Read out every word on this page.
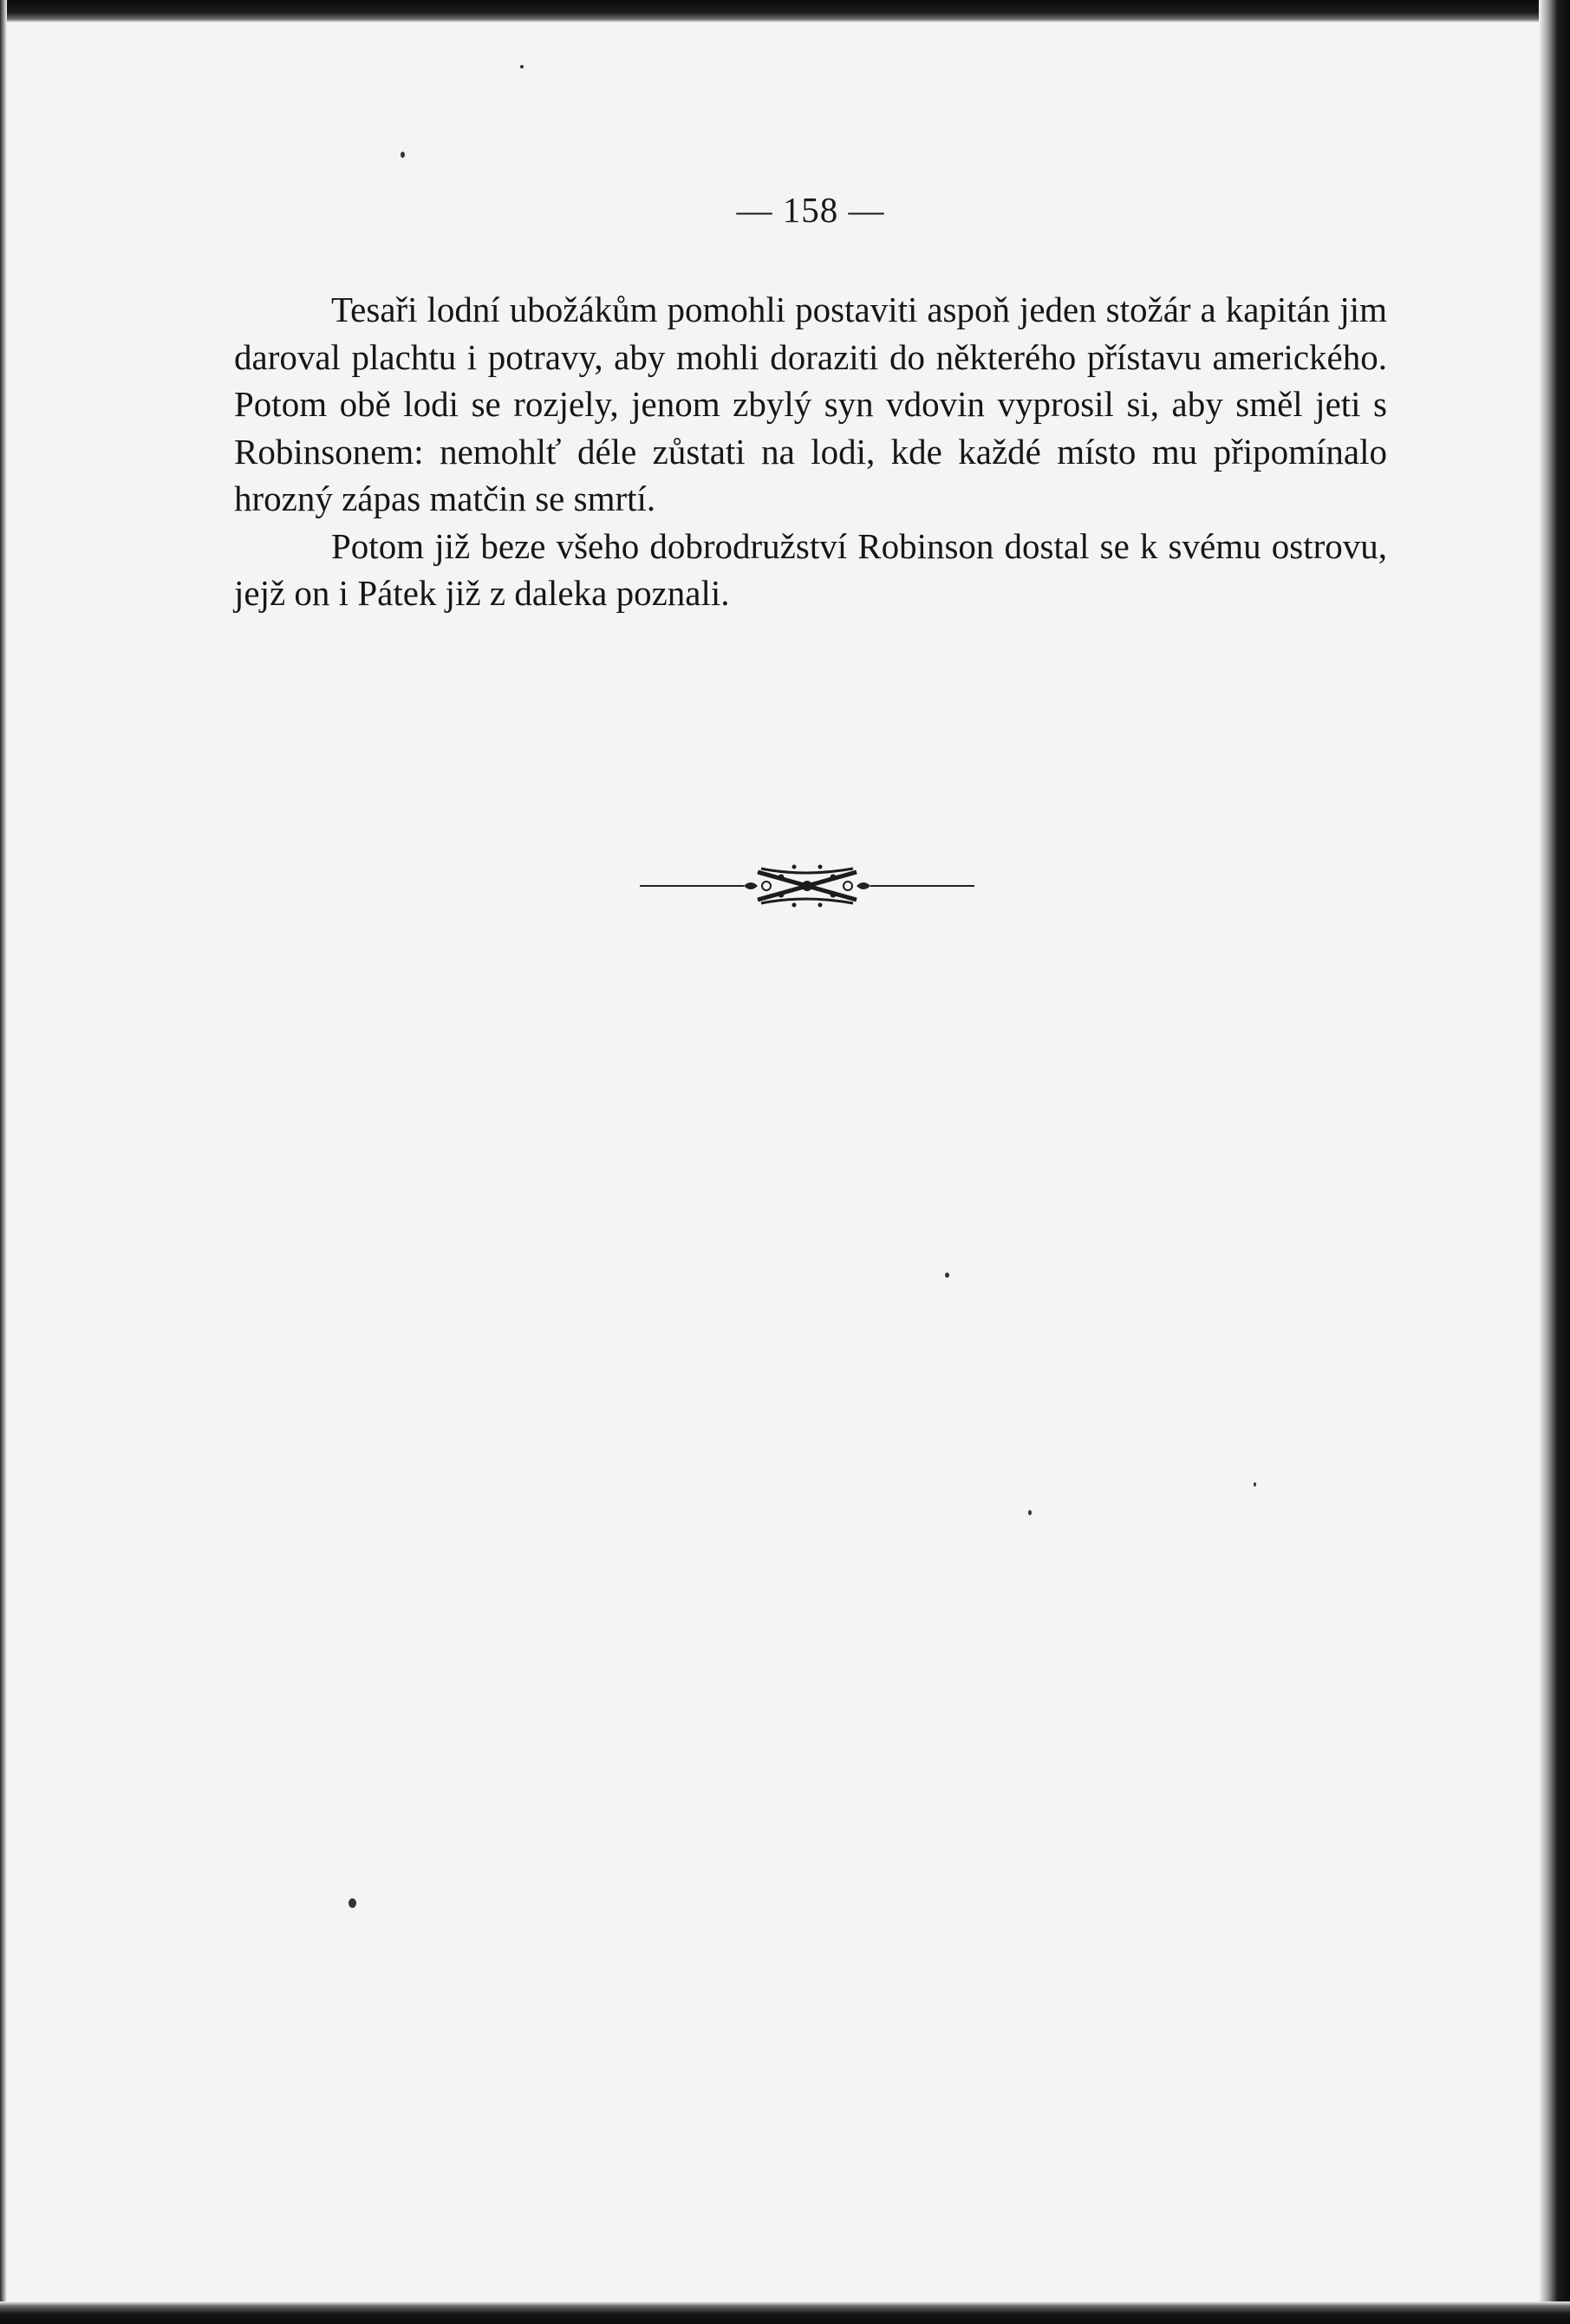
— 158 —

Tesaři lodní ubožákům pomohli postaviti aspoň jeden stožár a kapitán jim daroval plachtu i potravy, aby mohli doraziti do některého přístavu amerického. Potom obě lodi se rozjely, jenom zbylý syn vdovin vyprosil si, aby směl jeti s Robinsonem: nemohlť déle zůstati na lodi, kde každé místo mu připomínalo hrozný zápas matčin se smrtí.

Potom již beze všeho dobrodružství Robinson dostal se k svému ostrovu, jejž on i Pátek již z daleka poznali.
